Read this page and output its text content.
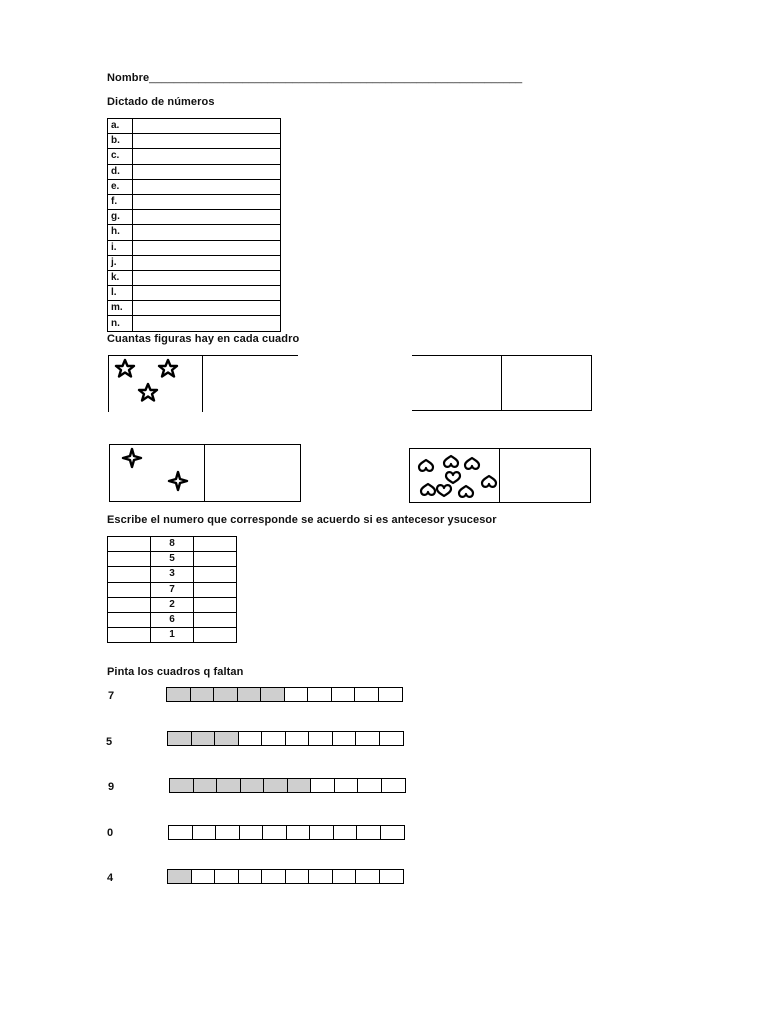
Nombre____________________________________________________________
Dictado de números
a.	
b.	
c.	
d.	
e.	
f.	
g.	
h.	
i.	
j.	
k.	
l.	
m.	
n.	
Cuantas figuras hay en cada cuadro
Escribe el numero que corresponde se acuerdo si es antecesor ysucesor
	8	
	5	
	3	
	7	
	2	
	6	
	1	
Pinta los cuadros q faltan
7
5
9
0
4
